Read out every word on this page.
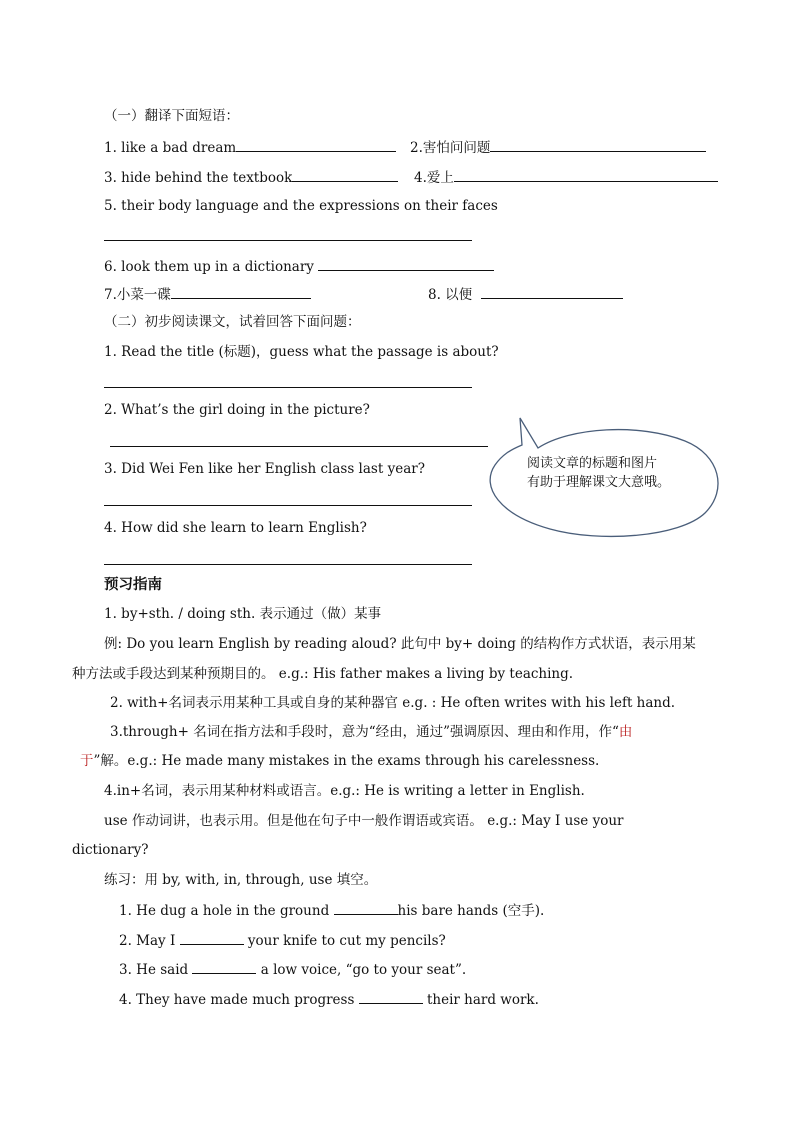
（一）翻译下面短语：
1. like a bad dream	2.害怕问问题
3. hide behind the textbook	4.爱上
5. their body language and the expressions on their faces
6. look them up in a dictionary
7.小菜一碟	8. 以便
（二）初步阅读课文，试着回答下面问题：
1. Read the title (标题)，guess what the passage is about?
2. What’s the girl doing in the picture?
3. Did Wei Fen like her English class last year?
4. How did she learn to learn English?
阅读文章的标题和图片
有助于理解课文大意哦。
预习指南
1. by+sth. / doing sth. 表示通过（做）某事
例: Do you learn English by reading aloud? 此句中 by+ doing 的结构作方式状语，表示用某
种方法或手段达到某种预期目的。 e.g.: His father makes a living by teaching.
2. with+名词表示用某种工具或自身的某种器官 e.g. : He often writes with his left hand.
3.through+ 名词在指方法和手段时，意为“经由，通过”强调原因、理由和作用，作“由
于”解。e.g.: He made many mistakes in the exams through his carelessness.
4.in+名词，表示用某种材料或语言。e.g.: He is writing a letter in English.
use 作动词讲，也表示用。但是他在句子中一般作谓语或宾语。 e.g.: May I use your
dictionary?
练习：用 by, with, in, through, use 填空。
1. He dug a hole in the ground	his bare hands (空手).
2. May I	your knife to cut my pencils?
3. He said	a low voice, “go to your seat”.
4. They have made much progress	their hard work.
